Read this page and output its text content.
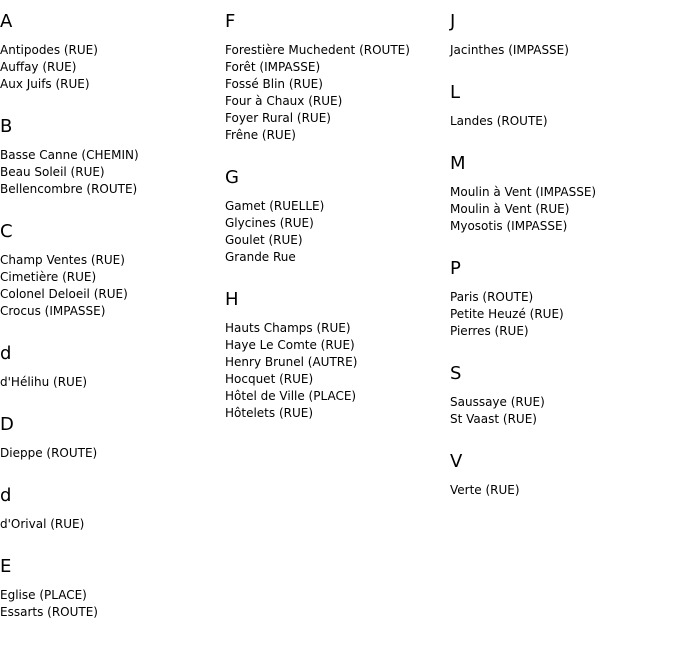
A
Antipodes (RUE)
Auffay (RUE)
Aux Juifs (RUE)
B
Basse Canne (CHEMIN)
Beau Soleil (RUE)
Bellencombre (ROUTE)
C
Champ Ventes (RUE)
Cimetière (RUE)
Colonel Deloeil (RUE)
Crocus (IMPASSE)
d
d'Hélihu (RUE)
D
Dieppe (ROUTE)
d
d'Orival (RUE)
E
Eglise (PLACE)
Essarts (ROUTE)
F
Forestière Muchedent (ROUTE)
Forêt (IMPASSE)
Fossé Blin (RUE)
Four à Chaux (RUE)
Foyer Rural (RUE)
Frêne (RUE)
G
Gamet (RUELLE)
Glycines (RUE)
Goulet (RUE)
Grande Rue
H
Hauts Champs (RUE)
Haye Le Comte (RUE)
Henry Brunel (AUTRE)
Hocquet (RUE)
Hôtel de Ville (PLACE)
Hôtelets (RUE)
J
Jacinthes (IMPASSE)
L
Landes (ROUTE)
M
Moulin à Vent (IMPASSE)
Moulin à Vent (RUE)
Myosotis (IMPASSE)
P
Paris (ROUTE)
Petite Heuzé (RUE)
Pierres (RUE)
S
Saussaye (RUE)
St Vaast (RUE)
V
Verte (RUE)
